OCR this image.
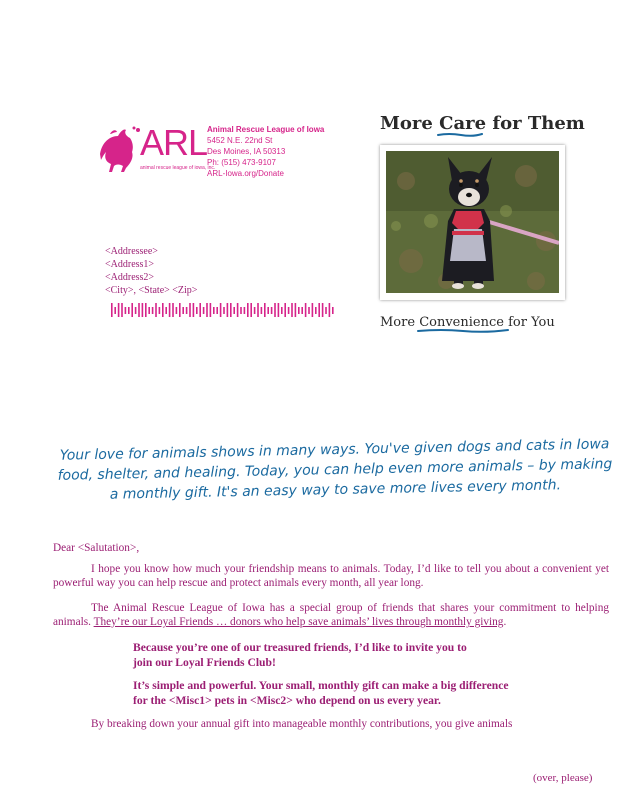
ARL
animal rescue league of iowa, inc.
Animal Rescue League of Iowa
5452 N.E. 22nd St
Des Moines, IA 50313
Ph: (515) 473-9107
ARL-Iowa.org/Donate
<Addressee>
<Address1>
<Address2>
<City>, <State> <Zip>
More Care
for Them
More Convenience
for You
Your love for animals shows in many ways. You've given dogs and cats in Iowa
food, shelter, and healing. Today, you can help even more animals – by making
a monthly gift. It's an easy way to save more lives every month.
Dear <Salutation>,
I hope you know how much your friendship means to animals. Today, I’d like to tell you about a convenient yet powerful way you can help rescue and protect animals every month, all year long.
The Animal Rescue League of Iowa has a special group of friends that shares your commitment to helping animals. They’re our Loyal Friends … donors who help save animals’ lives through monthly giving.
Because you’re one of our treasured friends, I’d like to invite you to
join our Loyal Friends Club!
It’s simple and powerful. Your small, monthly gift can make a big difference
for the <Misc1> pets in <Misc2> who depend on us every year.
By breaking down your annual gift into manageable monthly contributions, you give animals
(over, please)
